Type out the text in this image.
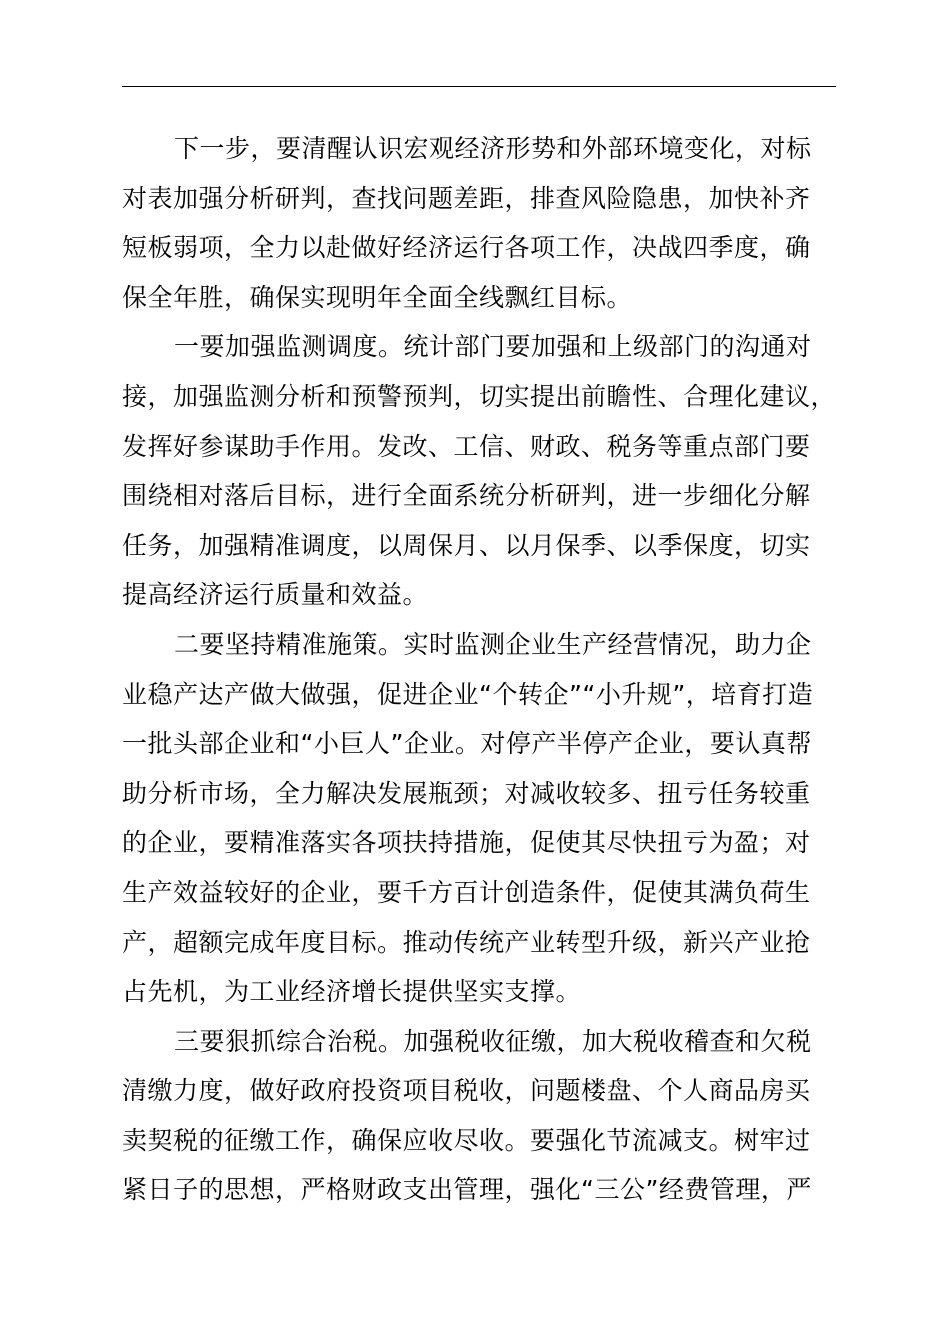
下一步，要清醒认识宏观经济形势和外部环境变化，对标
对表加强分析研判，查找问题差距，排查风险隐患，加快补齐
短板弱项，全力以赴做好经济运行各项工作，决战四季度，确
保全年胜，确保实现明年全面全线飘红目标。
一要加强监测调度。统计部门要加强和上级部门的沟通对
接，加强监测分析和预警预判，切实提出前瞻性、合理化建议，
发挥好参谋助手作用。发改、工信、财政、税务等重点部门要
围绕相对落后目标，进行全面系统分析研判，进一步细化分解
任务，加强精准调度，以周保月、以月保季、以季保度，切实
提高经济运行质量和效益。
二要坚持精准施策。实时监测企业生产经营情况，助力企
业稳产达产做大做强，促进企业“个转企”“小升规”，培育打造
一批头部企业和“小巨人”企业。对停产半停产企业，要认真帮
助分析市场，全力解决发展瓶颈；对减收较多、扭亏任务较重
的企业，要精准落实各项扶持措施，促使其尽快扭亏为盈；对
生产效益较好的企业，要千方百计创造条件，促使其满负荷生
产，超额完成年度目标。推动传统产业转型升级，新兴产业抢
占先机，为工业经济增长提供坚实支撑。
三要狠抓综合治税。加强税收征缴，加大税收稽查和欠税
清缴力度，做好政府投资项目税收，问题楼盘、个人商品房买
卖契税的征缴工作，确保应收尽收。要强化节流减支。树牢过
紧日子的思想，严格财政支出管理，强化“三公”经费管理，严
